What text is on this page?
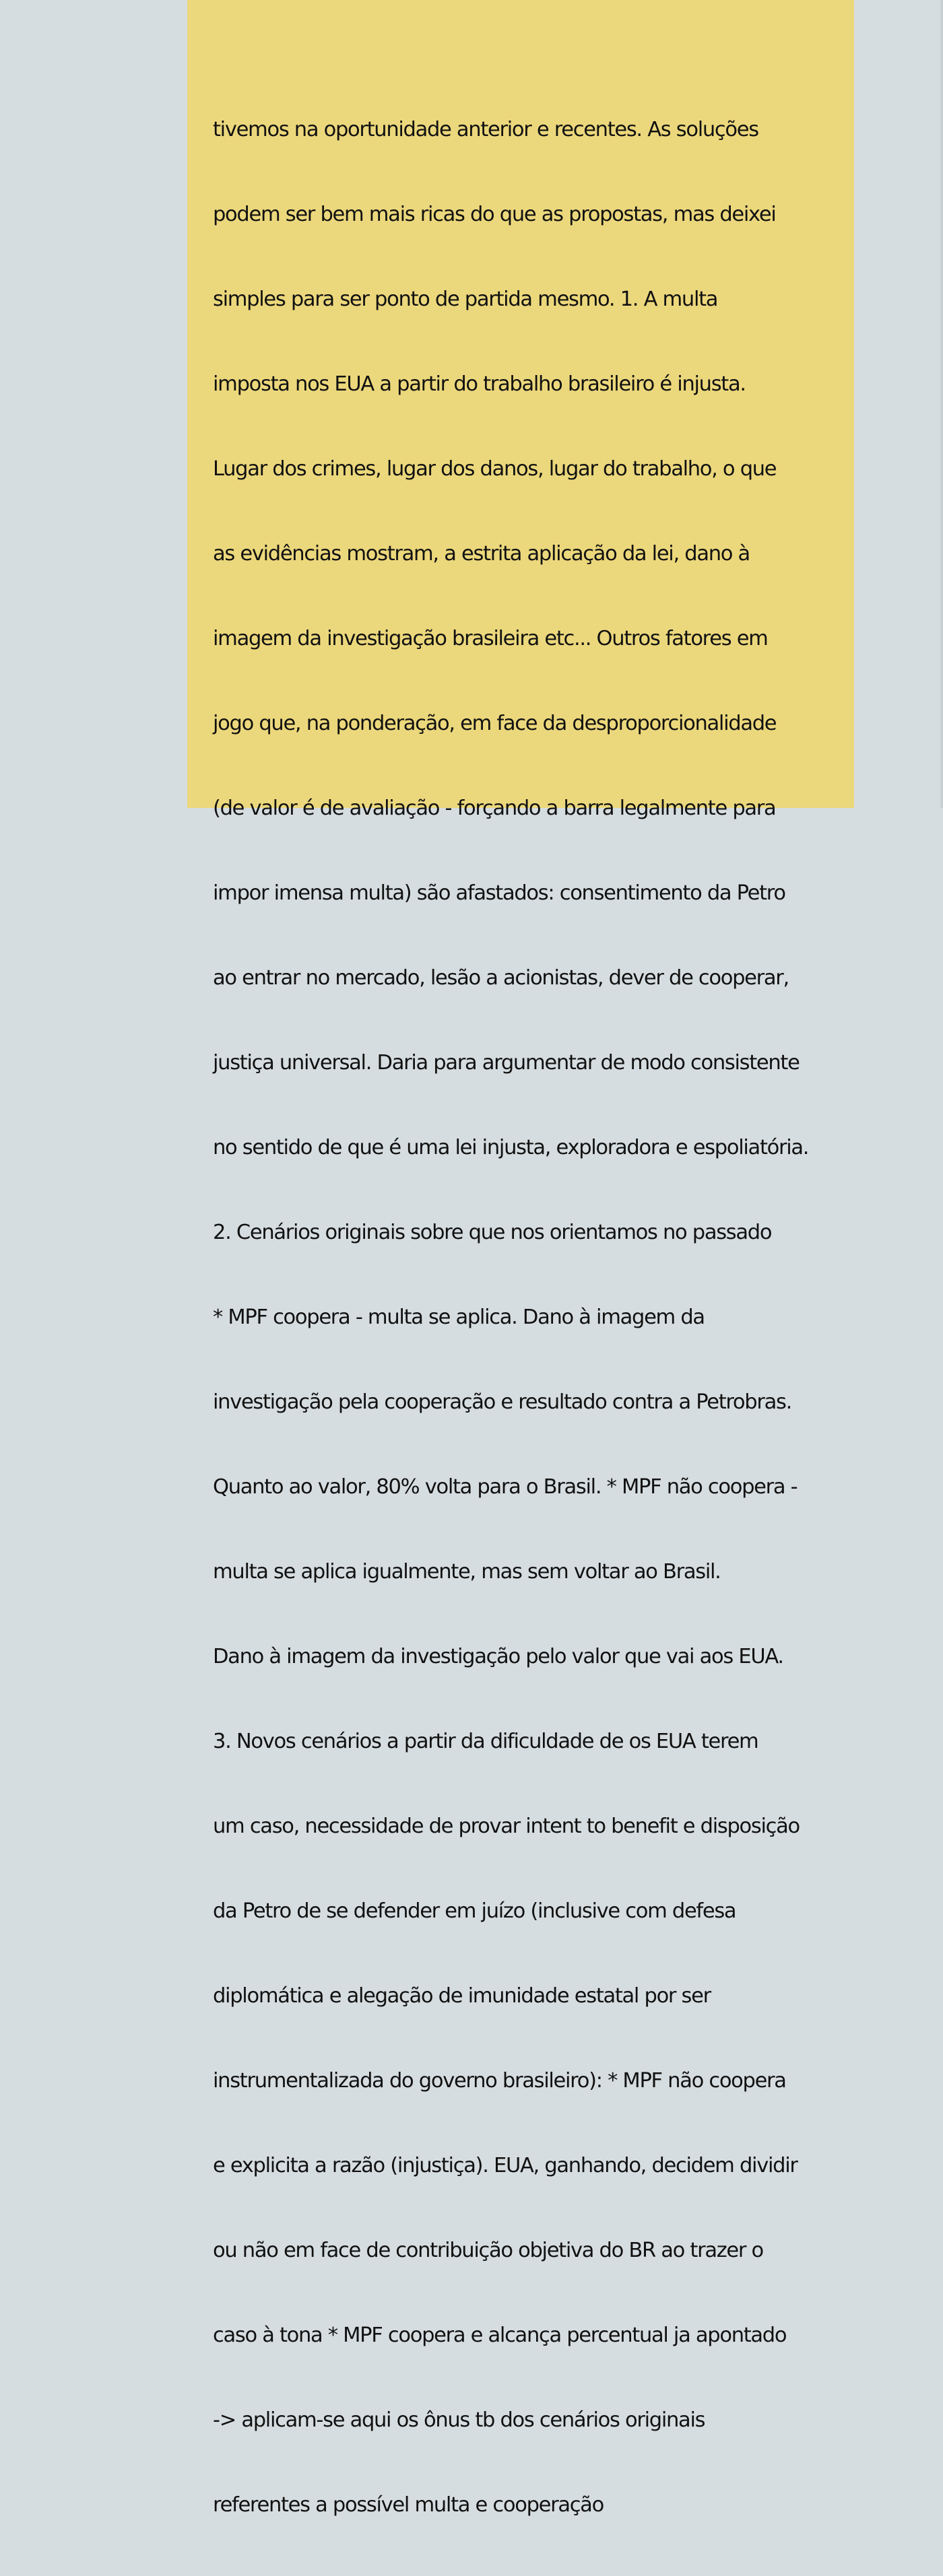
tivemos na oportunidade anterior e recentes. As soluções

podem ser bem mais ricas do que as propostas, mas deixei

simples para ser ponto de partida mesmo. 1. A multa

imposta nos EUA a partir do trabalho brasileiro é injusta.

Lugar dos crimes, lugar dos danos, lugar do trabalho, o que

as evidências mostram, a estrita aplicação da lei, dano à

imagem da investigação brasileira etc... Outros fatores em

jogo que, na ponderação, em face da desproporcionalidade

(de valor é de avaliação - forçando a barra legalmente para

impor imensa multa) são afastados: consentimento da Petro

ao entrar no mercado, lesão a acionistas, dever de cooperar,

justiça universal. Daria para argumentar de modo consistente

no sentido de que é uma lei injusta, exploradora e espoliatória.

2. Cenários originais sobre que nos orientamos no passado

* MPF coopera - multa se aplica. Dano à imagem da

investigação pela cooperação e resultado contra a Petrobras.

Quanto ao valor, 80% volta para o Brasil. * MPF não coopera -

multa se aplica igualmente, mas sem voltar ao Brasil.

Dano à imagem da investigação pelo valor que vai aos EUA.

3. Novos cenários a partir da dificuldade de os EUA terem

um caso, necessidade de provar intent to benefit e disposição

da Petro de se defender em juízo (inclusive com defesa

diplomática e alegação de imunidade estatal por ser

instrumentalizada do governo brasileiro): * MPF não coopera

e explicita a razão (injustiça). EUA, ganhando, decidem dividir

ou não em face de contribuição objetiva do BR ao trazer o

caso à tona * MPF coopera e alcança percentual ja apontado

-> aplicam-se aqui os ônus tb dos cenários originais

referentes a possível multa e cooperação
